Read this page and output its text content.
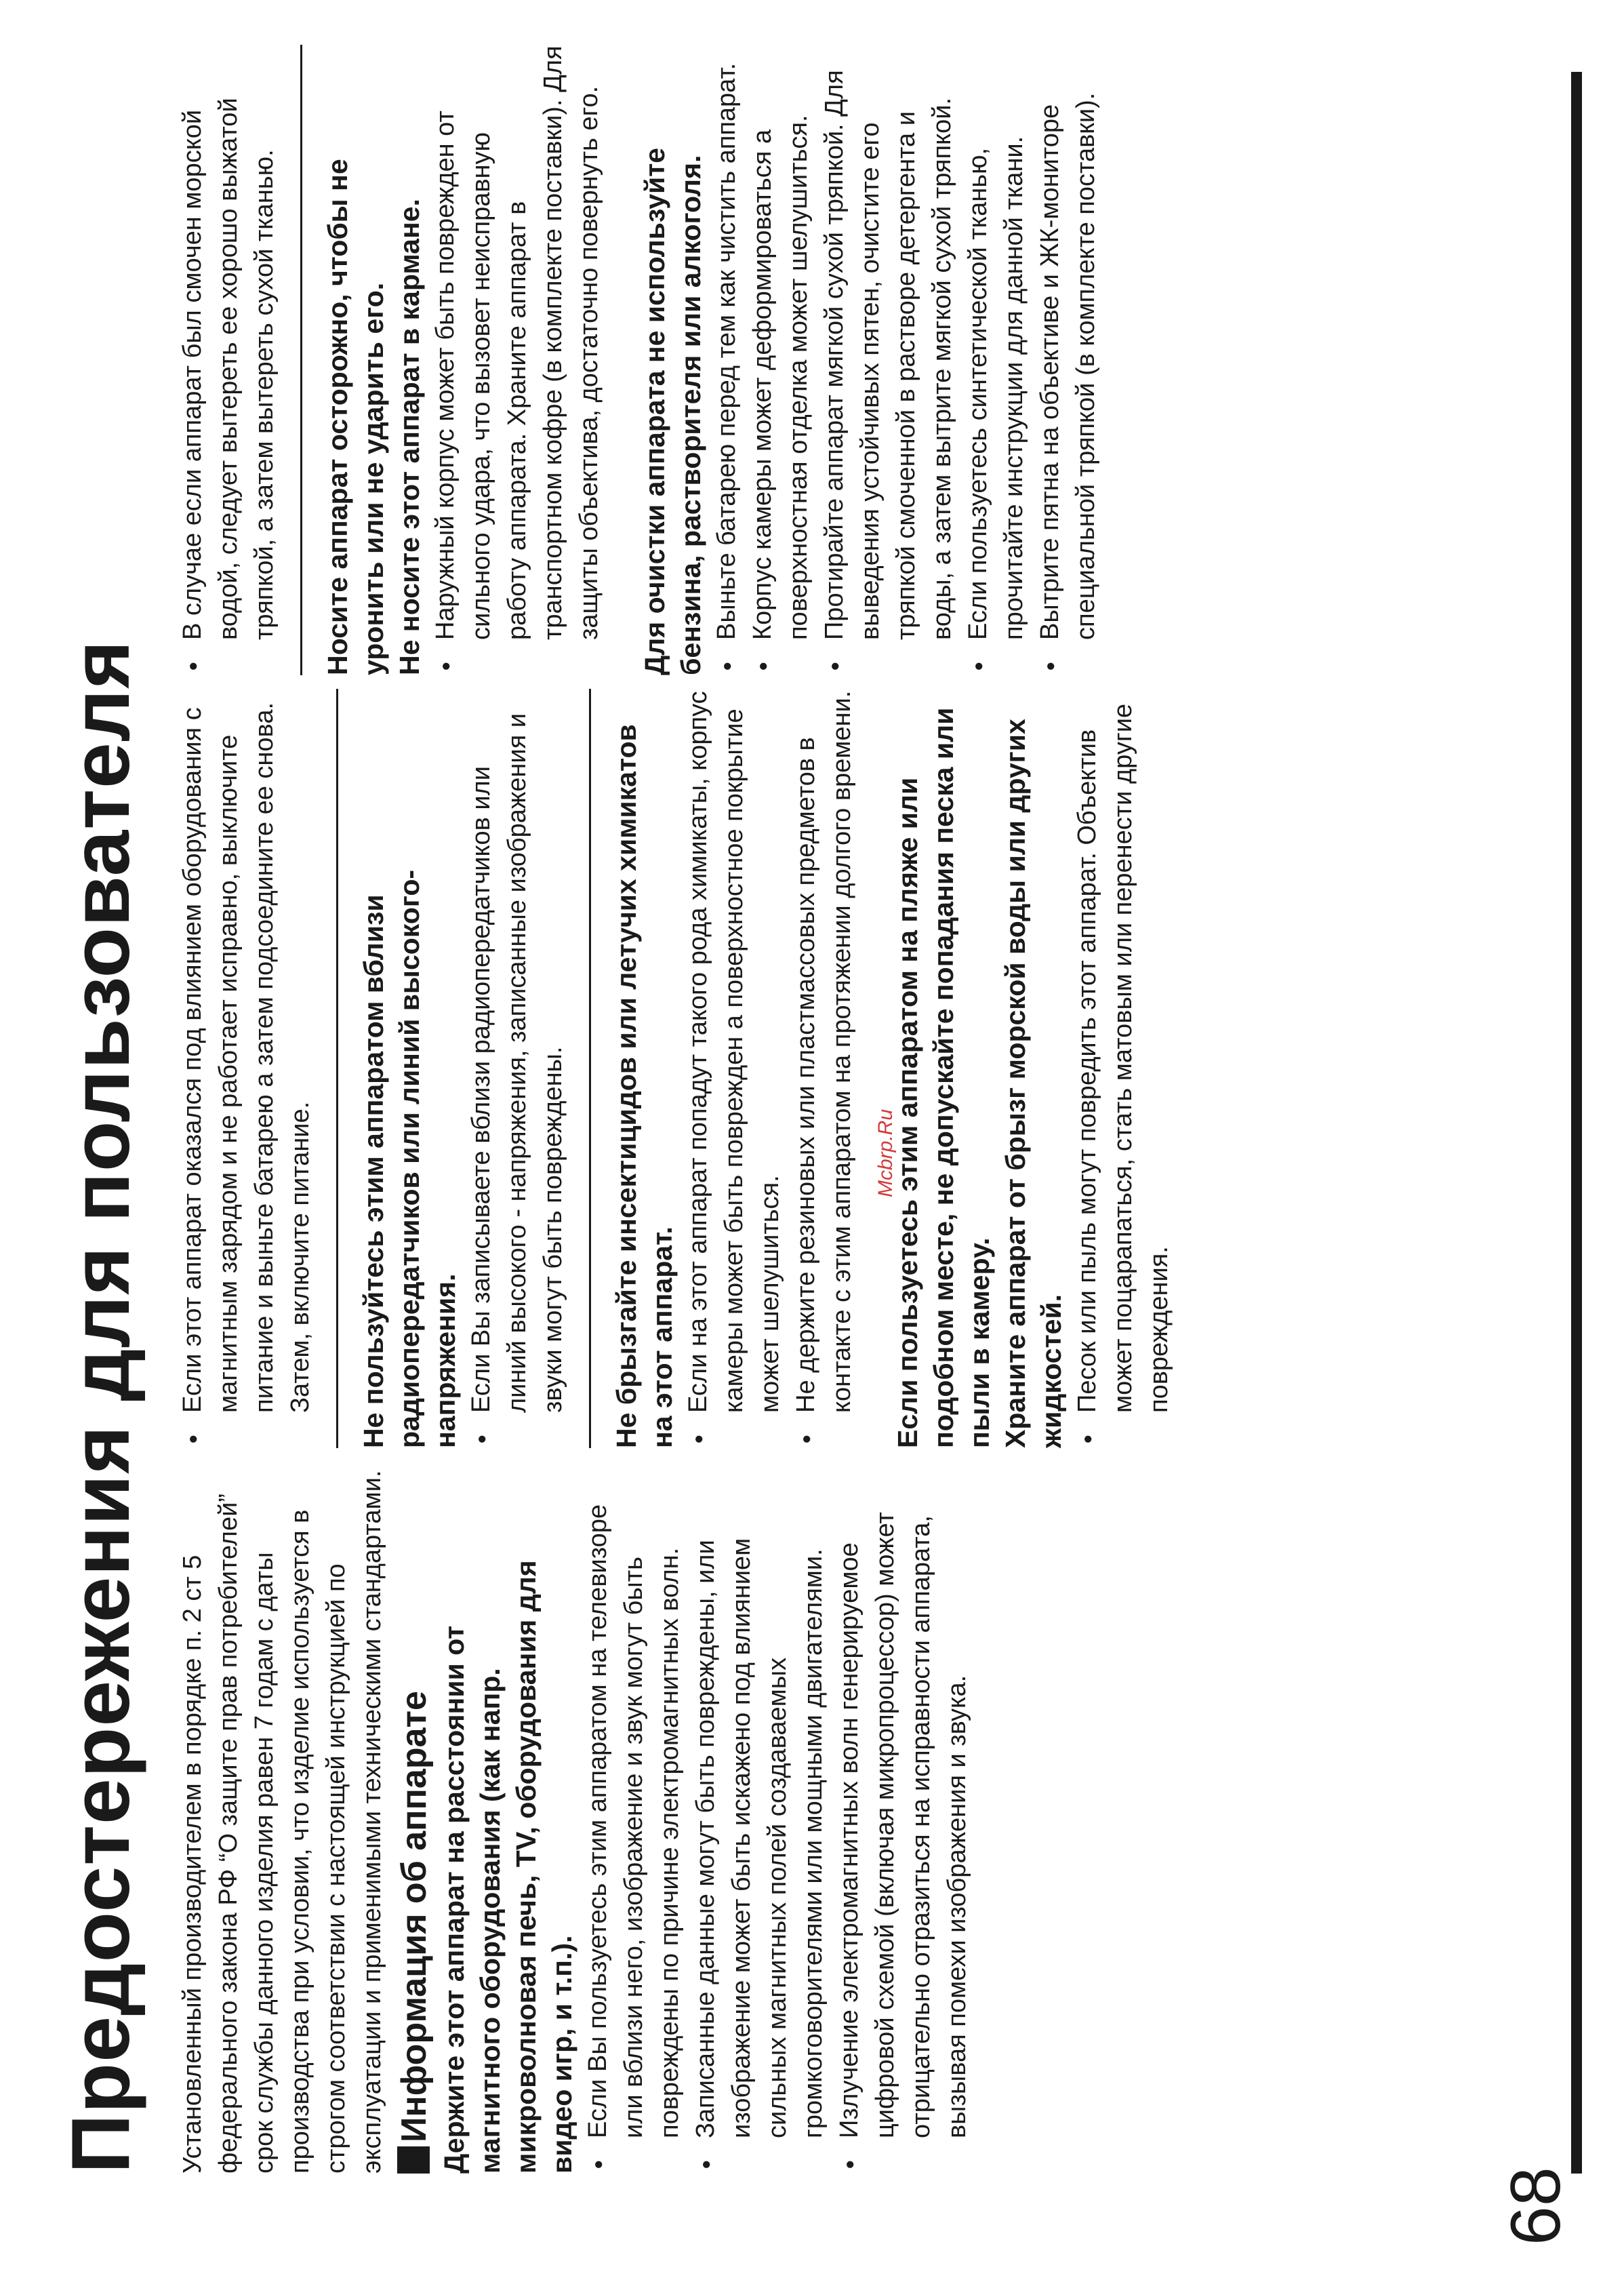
Предостережения для пользователя Установленный производителем в порядке п. 2 ст 5 федерального закона РФ “О защите прав потребителей” срок службы данного изделия равен 7 годам с даты производства при условии, что изделие используется в строгом соответствии с настоящей инструкцией по эксплуатации и применимыми техническими стандартами. Информация об аппарате Держите этот аппарат на расстоянии от магнитного оборудования (как напр. микроволновая печь, TV, оборудования для видео игр, и т.п.). ● Если Вы пользуетесь этим аппаратом на телевизоре или вблизи него, изображение и звук могут быть повреждены по причине электромагнитных волн. ● Записанные данные могут быть повреждены, или изображение может быть искажено под влиянием сильных магнитных полей создаваемых громкоговорителями или мощными двигателями. ● Излучение электромагнитных волн генерируемое цифровой схемой (включая микропроцессор) может отрицательно отразиться на исправности аппарата, вызывая помехи изображения и звука.
● Если этот аппарат оказался под влиянием оборудования с магнитным зарядом и не работает исправно, выключите питание и выньте батарею а затем подсоедините ее снова. Затем, включите питание. Не пользуйтесь этим аппаратом вблизи радиопередатчиков или линий высокого- напряжения. ● Если Вы записываете вблизи радиопередатчиков или линий высокого - напряжения, записанные изображения и звуки могут быть повреждены. Не брызгайте инсектицидов или летучих химикатов на этот аппарат. ● Если на этот аппарат попадут такого рода химикаты, корпус камеры может быть поврежден а поверхностное покрытие может шелушиться. ● Не держите резиновых или пластмассовых предметов в контакте с этим аппаратом на протяжении долгого времени. Если пользуетесь этим аппаратом на пляже или подобном месте, не допускайте попадания песка или пыли в камеру. Храните аппарат от брызг морской воды или других жидкостей. ● Песок или пыль могут повредить этот аппарат. Объектив может поцарапаться, стать матовым или перенести другие повреждения.
● В случае если аппарат был смочен морской водой, следует вытереть ее хорошо выжатой тряпкой, а затем вытереть сухой тканью. Носите аппарат осторожно, чтобы не уронить или не ударить его. Не носите этот аппарат в кармане. ● Наружный корпус может быть поврежден от сильного удара, что вызовет неисправную работу аппарата. Храните аппарат в транспортном кофре (в комплекте поставки). Для защиты объектива, достаточно повернуть его. Для очистки аппарата не используйте бензина, растворителя или алкоголя. ● Выньте батарею перед тем как чистить аппарат. ● Корпус камеры может деформироваться а поверхностная отделка может шелушиться. ● Протирайте аппарат мягкой сухой тряпкой. Для выведения устойчивых пятен, очистите его тряпкой смоченной в растворе детергента и воды, а затем вытрите мягкой сухой тряпкой. ● Если пользуетесь синтетической тканью, прочитайте инструкции для данной ткани. ● Вытрите пятна на объективе и ЖК-мониторе специальной тряпкой (в комплекте поставки).
Mcbrp.Ru
68
